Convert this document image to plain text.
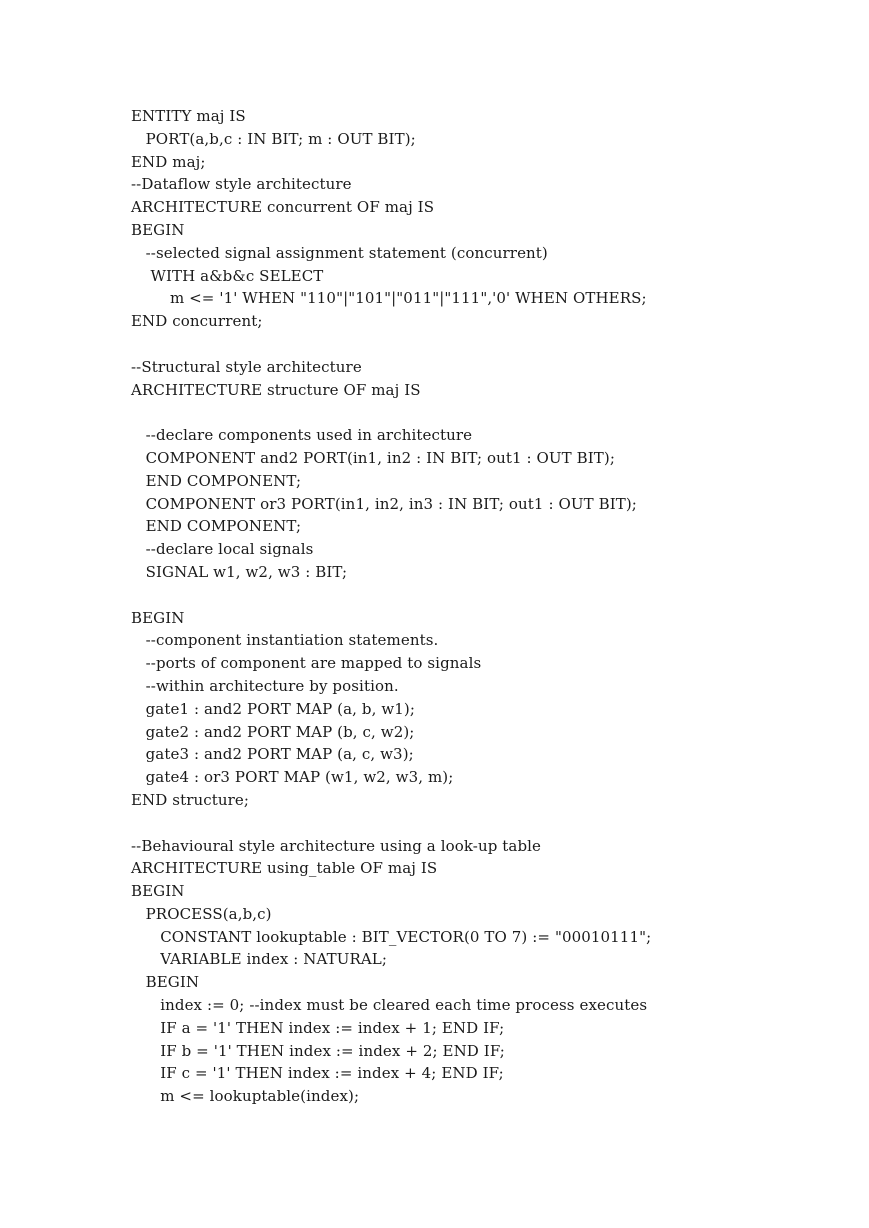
ENTITY maj IS
PORT(a,b,c : IN BIT; m : OUT BIT);
END maj;
--Dataflow style architecture
ARCHITECTURE concurrent OF maj IS
BEGIN
--selected signal assignment statement (concurrent)
WITH a&b&c SELECT
m <= '1' WHEN "110"|"101"|"011"|"111",'0' WHEN OTHERS;
END concurrent;
--Structural style architecture
ARCHITECTURE structure OF maj IS
--declare components used in architecture
COMPONENT and2 PORT(in1, in2 : IN BIT; out1 : OUT BIT);
END COMPONENT;
COMPONENT or3 PORT(in1, in2, in3 : IN BIT; out1 : OUT BIT);
END COMPONENT;
--declare local signals
SIGNAL w1, w2, w3 : BIT;
BEGIN
--component instantiation statements.
--ports of component are mapped to signals
--within architecture by position.
gate1 : and2 PORT MAP (a, b, w1);
gate2 : and2 PORT MAP (b, c, w2);
gate3 : and2 PORT MAP (a, c, w3);
gate4 : or3 PORT MAP (w1, w2, w3, m);
END structure;
--Behavioural style architecture using a look-up table
ARCHITECTURE using_table OF maj IS
BEGIN
PROCESS(a,b,c)
CONSTANT lookuptable : BIT_VECTOR(0 TO 7) := "00010111";
VARIABLE index : NATURAL;
BEGIN
index := 0; --index must be cleared each time process executes
IF a = '1' THEN index := index + 1; END IF;
IF b = '1' THEN index := index + 2; END IF;
IF c = '1' THEN index := index + 4; END IF;
m <= lookuptable(index);
